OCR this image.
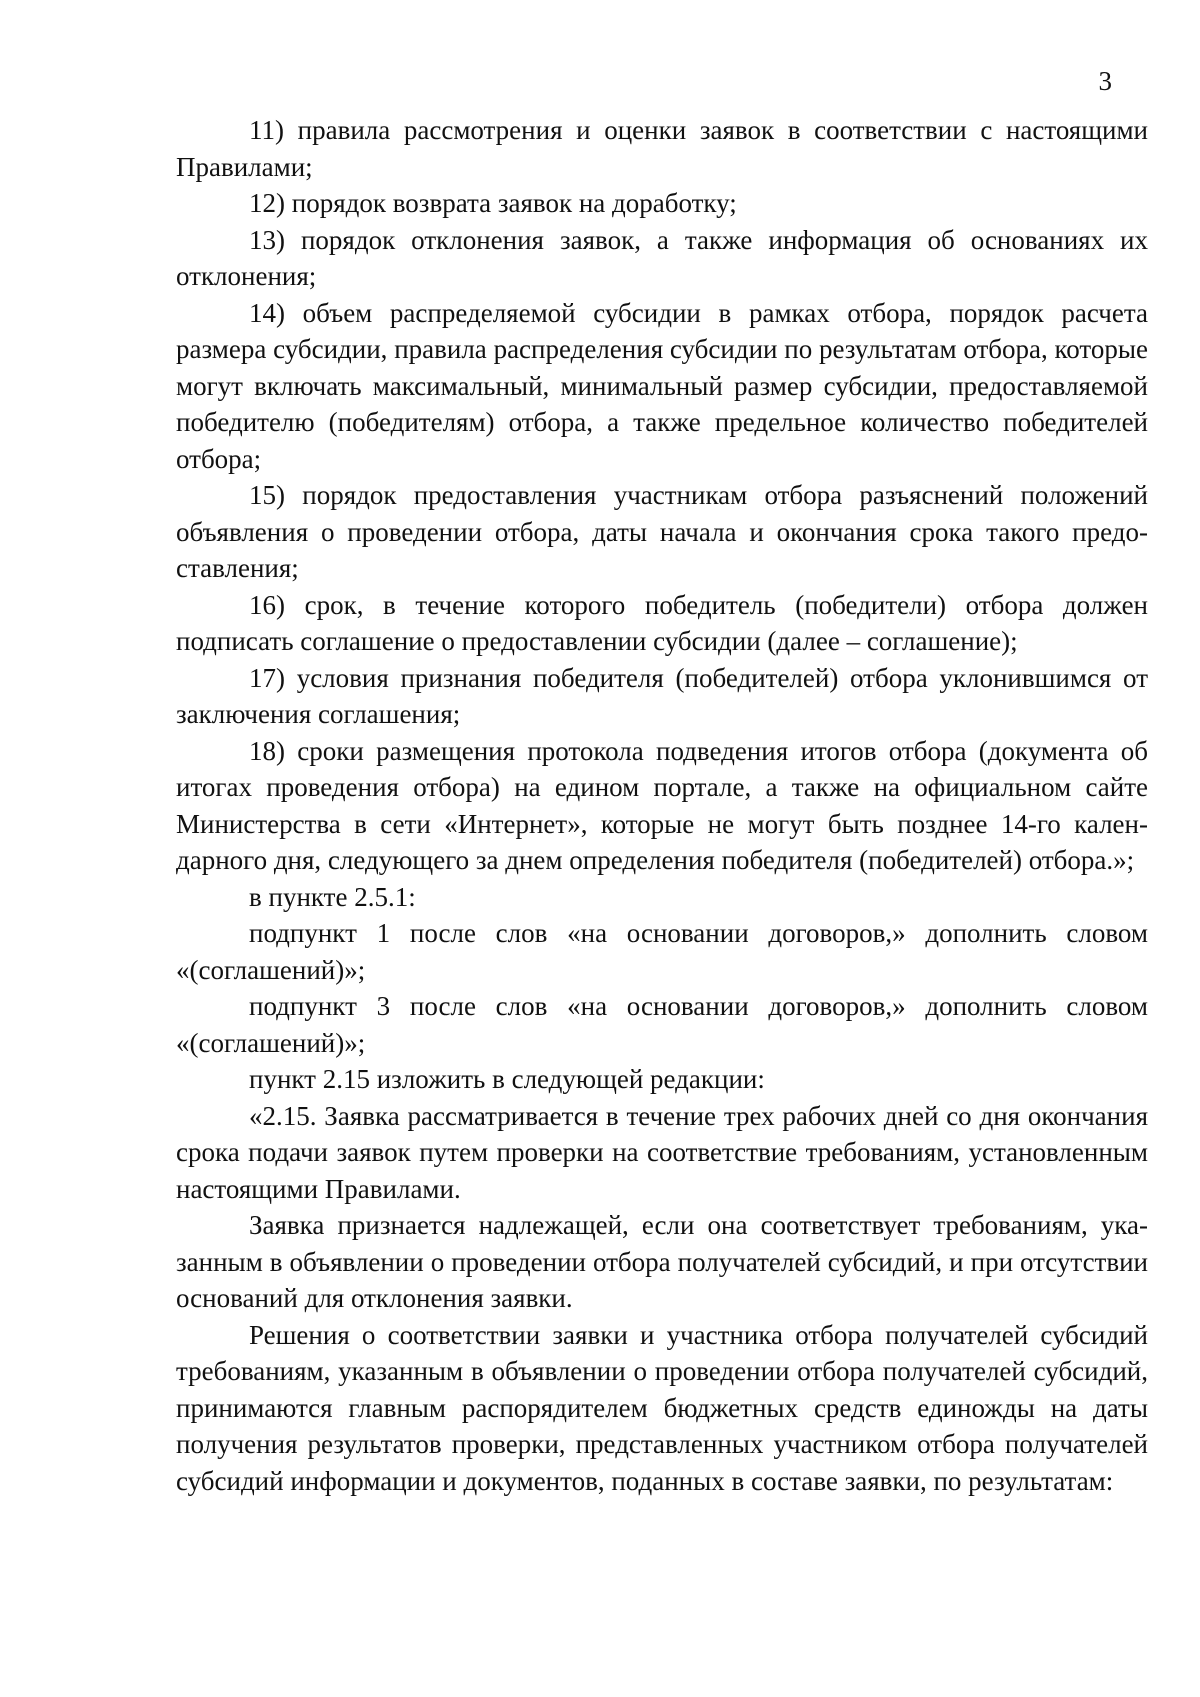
3

11) правила рассмотрения и оценки заявок в соответствии с настоящими Правилами;

12) порядок возврата заявок на доработку;

13) порядок отклонения заявок, а также информация об основаниях их отклонения;

14) объем распределяемой субсидии в рамках отбора, порядок расчета размера субсидии, правила распределения субсидии по результатам отбора, которые могут включать максимальный, минимальный размер субсидии, предоставляемой победителю (победителям) отбора, а также предельное количество победителей отбора;

15) порядок предоставления участникам отбора разъяснений положений объявления о проведении отбора, даты начала и окончания срока такого предоставления;

16) срок, в течение которого победитель (победители) отбора должен подписать соглашение о предоставлении субсидии (далее – соглашение);

17) условия признания победителя (победителей) отбора уклонившимся от заключения соглашения;

18) сроки размещения протокола подведения итогов отбора (документа об итогах проведения отбора) на едином портале, а также на официальном сайте Министерства в сети «Интернет», которые не могут быть позднее 14-го календарного дня, следующего за днем определения победителя (победителей) отбора.»;

в пункте 2.5.1:

подпункт 1 после слов «на основании договоров,» дополнить словом «(соглашений)»;

подпункт 3 после слов «на основании договоров,» дополнить словом «(соглашений)»;

пункт 2.15 изложить в следующей редакции:

«2.15. Заявка рассматривается в течение трех рабочих дней со дня окончания срока подачи заявок путем проверки на соответствие требованиям, установленным настоящими Правилами.

Заявка признается надлежащей, если она соответствует требованиям, указанным в объявлении о проведении отбора получателей субсидий, и при отсутствии оснований для отклонения заявки.

Решения о соответствии заявки и участника отбора получателей субсидий требованиям, указанным в объявлении о проведении отбора получателей субсидий, принимаются главным распорядителем бюджетных средств единожды на даты получения результатов проверки, представленных участником отбора получателей субсидий информации и документов, поданных в составе заявки, по результатам:
